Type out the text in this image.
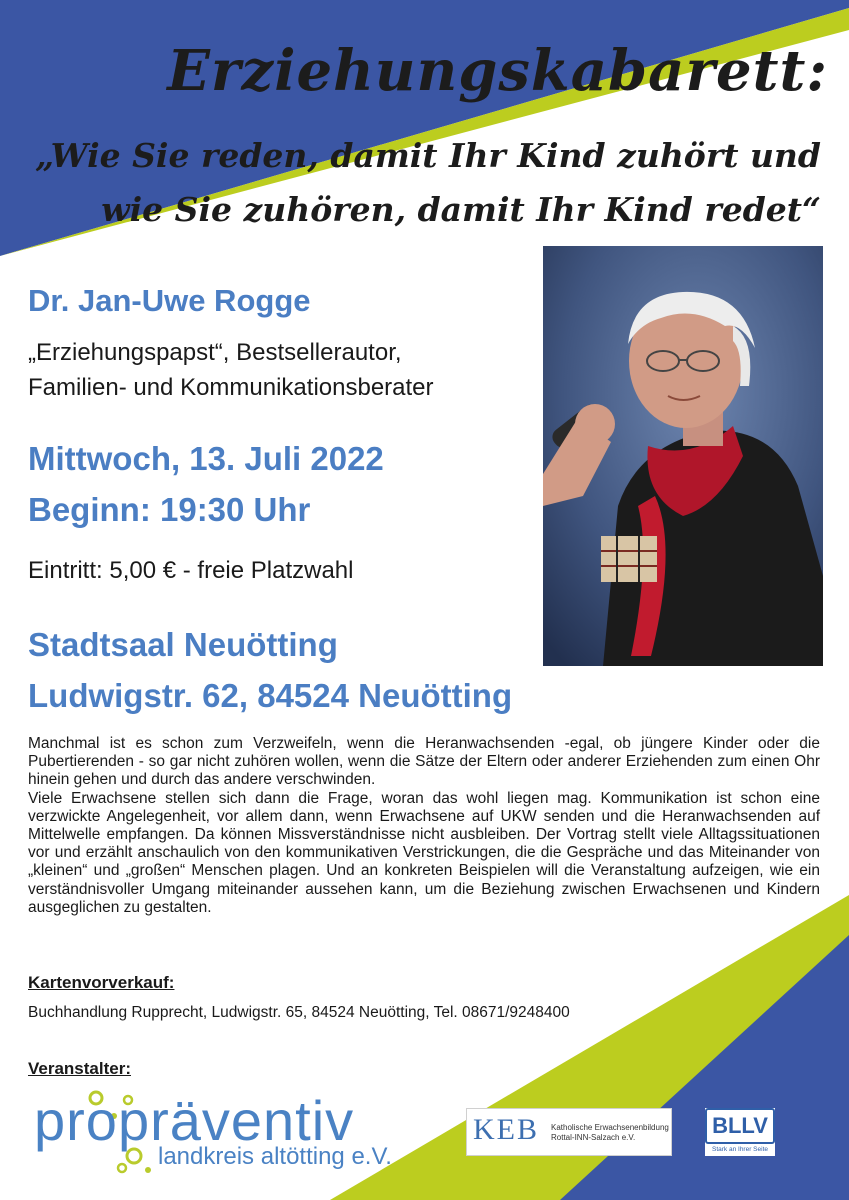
Erziehungskabarett:
„Wie Sie reden, damit Ihr Kind zuhört und
wie Sie zuhören, damit Ihr Kind redet“
Dr. Jan-Uwe Rogge
„Erziehungspapst“, Bestsellerautor,
Familien- und Kommunikationsberater
Mittwoch, 13. Juli 2022
Beginn: 19:30 Uhr
Eintritt: 5,00 € - freie Platzwahl
Stadtsaal Neuötting
Ludwigstr. 62, 84524 Neuötting

Manchmal ist es schon zum Verzweifeln, wenn die Heranwachsenden -egal, ob jüngere Kinder oder die Pubertierenden - so gar nicht zuhören wollen, wenn die Sätze der Eltern oder anderer Erziehenden zum einen Ohr hinein gehen und durch das andere verschwinden.

Viele Erwachsene stellen sich dann die Frage, woran das wohl liegen mag. Kommunikation ist schon eine verzwickte Angelegenheit, vor allem dann, wenn Erwachsene auf UKW senden und die Heranwachsenden auf Mittelwelle empfangen. Da können Missverständnisse nicht ausbleiben. Der Vortrag stellt viele Alltagssituationen vor und erzählt anschaulich von den kommunikativen Verstrickungen, die die Gespräche und das Miteinander von „kleinen“ und „großen“ Menschen plagen. Und an konkreten Beispielen will die Veranstaltung aufzeigen, wie ein verständnisvoller Umgang miteinander aussehen kann, um die Beziehung zwischen Erwachsenen und Kindern ausgeglichen zu gestalten.

Kartenvorverkauf:
Buchhandlung Rupprecht, Ludwigstr. 65, 84524 Neuötting, Tel. 08671/9248400
Veranstalter:
propräventiv
landkreis altötting e.V.
KEB Katholische Erwachsenenbildung
Rottal-INN-Salzach e.V.	BLLV
Stark an Ihrer Seite
